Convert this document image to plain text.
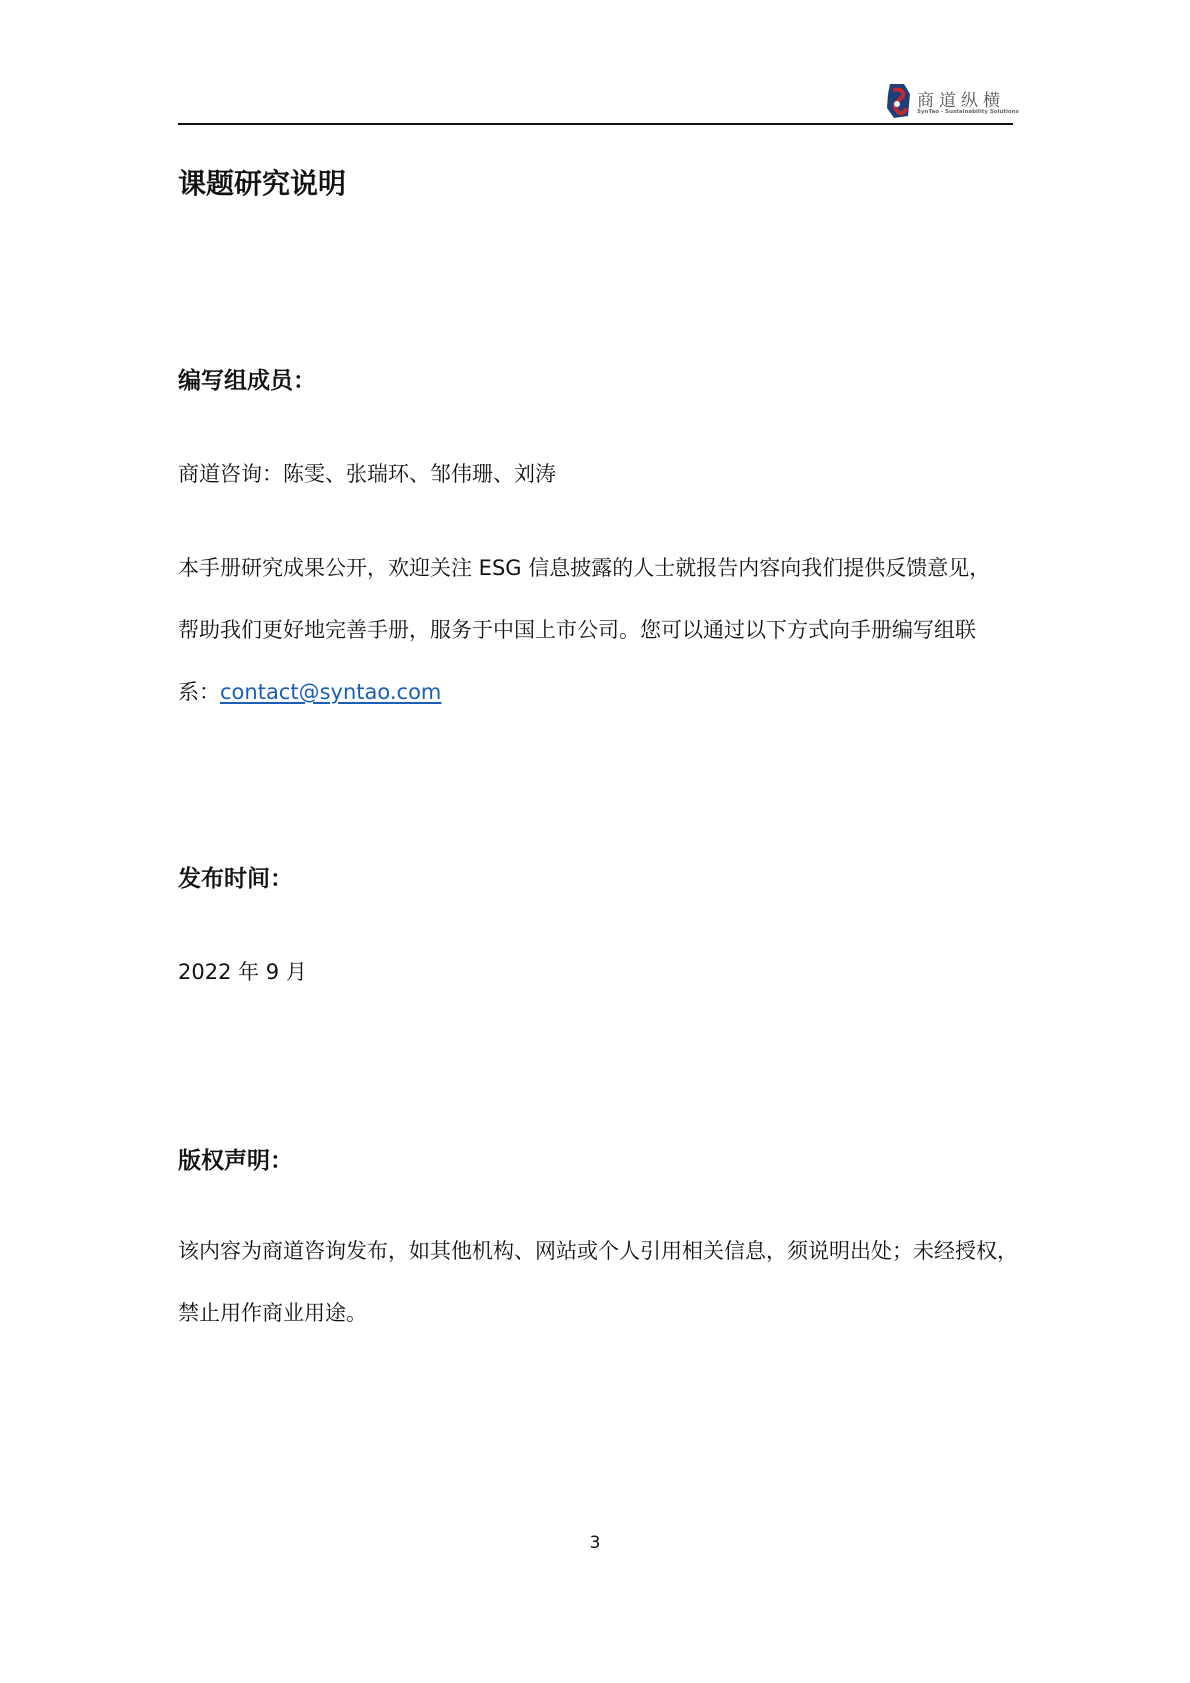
商道纵横
SynTao - Sustainability Solutions
课题研究说明
编写组成员：

商道咨询：陈雯、张瑞环、邹伟珊、刘涛

本手册研究成果公开，欢迎关注 ESG 信息披露的人士就报告内容向我们提供反馈意见，

帮助我们更好地完善手册，服务于中国上市公司。您可以通过以下方式向手册编写组联

系：contact@syntao.com

发布时间：

2022 年 9 月

版权声明：

该内容为商道咨询发布，如其他机构、网站或个人引用相关信息，须说明出处；未经授权，

禁止用作商业用途。

3
